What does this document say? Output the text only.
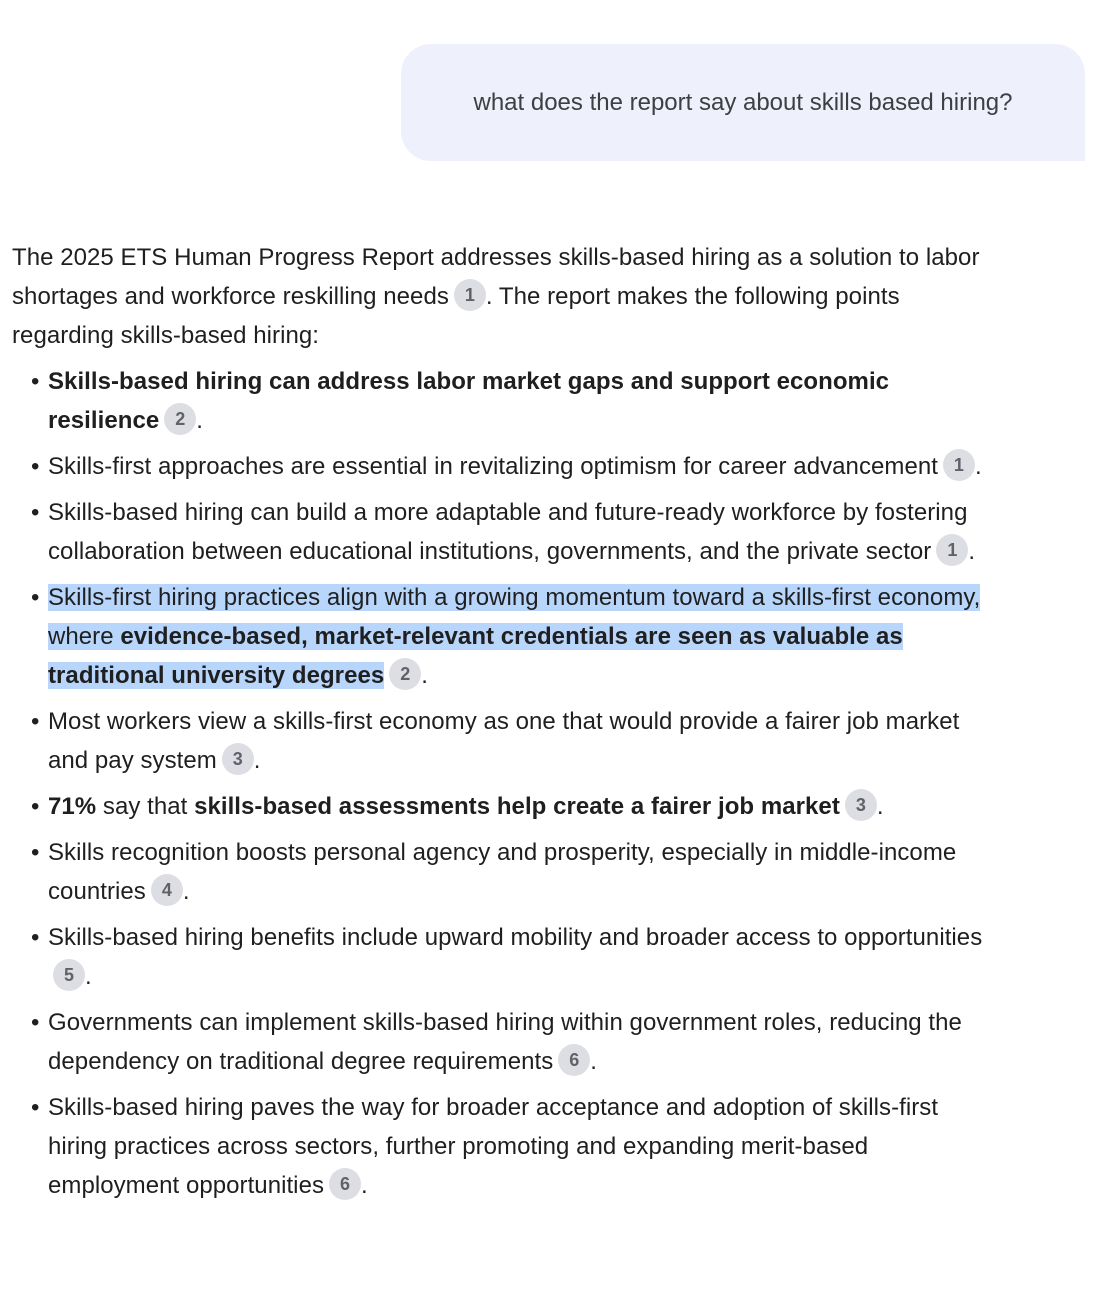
what does the report say about skills based hiring?

The 2025 ETS Human Progress Report addresses skills-based hiring as a solution to labor shortages and workforce reskilling needs 1 . The report makes the following points regarding skills-based hiring:

• Skills-based hiring can address labor market gaps and support economic resilience 2 .
• Skills-first approaches are essential in revitalizing optimism for career advancement 1 .
• Skills-based hiring can build a more adaptable and future-ready workforce by fostering collaboration between educational institutions, governments, and the private sector 1 .
• Skills-first hiring practices align with a growing momentum toward a skills-first economy, where evidence-based, market-relevant credentials are seen as valuable as traditional university degrees 2 .
• Most workers view a skills-first economy as one that would provide a fairer job market and pay system 3 .
• 71% say that skills-based assessments help create a fairer job market 3 .
• Skills recognition boosts personal agency and prosperity, especially in middle-income countries 4 .
• Skills-based hiring benefits include upward mobility and broader access to opportunities5 .
• Governments can implement skills-based hiring within government roles, reducing the dependency on traditional degree requirements 6 .
• Skills-based hiring paves the way for broader acceptance and adoption of skills-first hiring practices across sectors, further promoting and expanding merit-based employment opportunities 6 .
